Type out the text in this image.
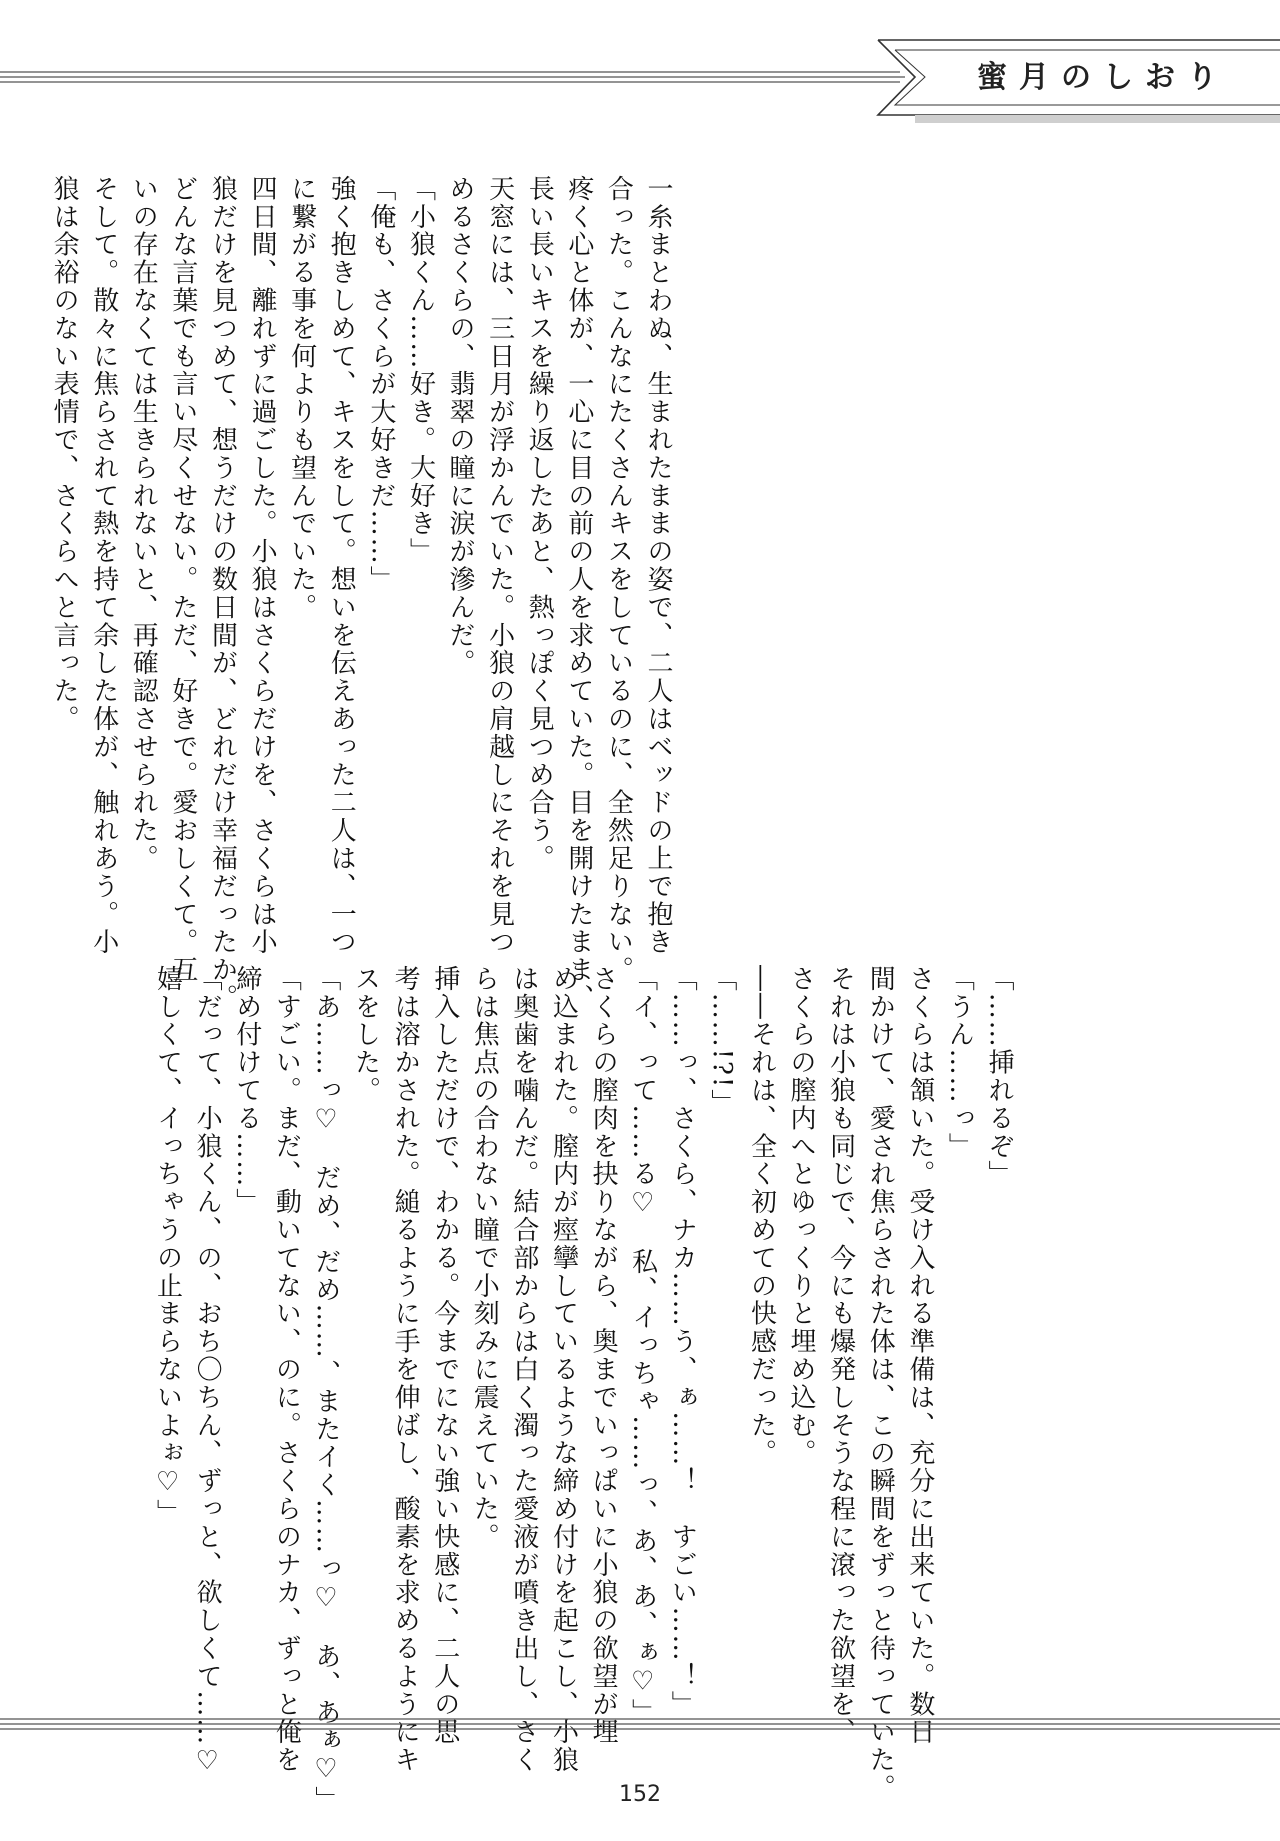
蜜月のしおり

一糸まとわぬ、生まれたままの姿で、二人はベッドの上で抱き

合った。こんなにたくさんキスをしているのに、全然足りない。

疼く心と体が、一心に目の前の人を求めていた。目を開けたまま、

長い長いキスを繰り返したあと、熱っぽく見つめ合う。

天窓には、三日月が浮かんでいた。小狼の肩越しにそれを見つ

めるさくらの、翡翠の瞳に涙が滲んだ。

「小狼くん……好き。大好き」

「俺も、さくらが大好きだ……」

強く抱きしめて、キスをして。想いを伝えあった二人は、一つ

に繋がる事を何よりも望んでいた。

四日間、離れずに過ごした。小狼はさくらだけを、さくらは小

狼だけを見つめて、想うだけの数日間が、どれだけ幸福だったか。

どんな言葉でも言い尽くせない。ただ、好きで。愛おしくて。互

いの存在なくては生きられないと、再確認させられた。

そして。散々に焦らされて熱を持て余した体が、触れあう。小

狼は余裕のない表情で、さくらへと言った。

「……挿れるぞ」

「うん……っ」

さくらは頷いた。受け入れる準備は、充分に出来ていた。数日

間かけて、愛され焦らされた体は、この瞬間をずっと待っていた。

それは小狼も同じで、今にも爆発しそうな程に滾った欲望を、

さくらの膣内へとゆっくりと埋め込む。

――それは、全く初めての快感だった。

「……!?!」

「……っ、さくら、ナカ……う、ぁ……！　すごい……！」

「イ、って……る♡　私、イっちゃ……っ、あ、あ、ぁ♡」

さくらの膣肉を抉りながら、奥までいっぱいに小狼の欲望が埋

め込まれた。膣内が痙攣しているような締め付けを起こし、小狼

は奥歯を噛んだ。結合部からは白く濁った愛液が噴き出し、さく

らは焦点の合わない瞳で小刻みに震えていた。

挿入しただけで、わかる。今までにない強い快感に、二人の思

考は溶かされた。縋るように手を伸ばし、酸素を求めるようにキ

スをした。

「あ……っ♡　だめ、だめ……、またイく……っ♡　あ、あぁ♡」

「すごい。まだ、動いてない、のに。さくらのナカ、ずっと俺を

締め付けてる……」

「だって、小狼くん、の、おち〇ちん、ずっと、欲しくて……♡

嬉しくて、イっちゃうの止まらないよぉ♡」

152
